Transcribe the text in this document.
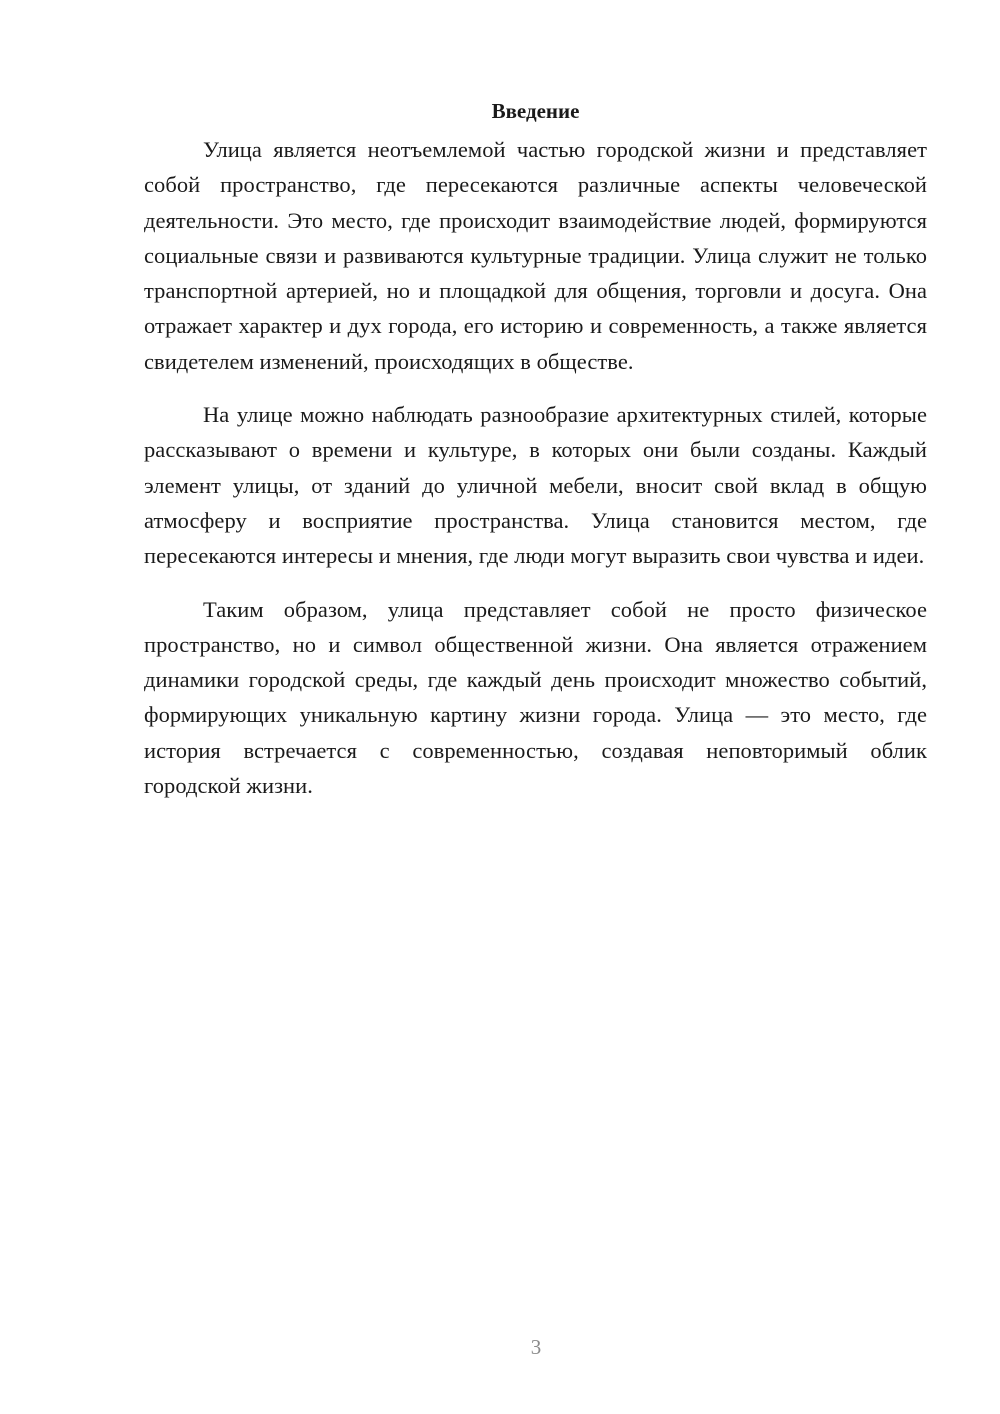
Введение

Улица является неотъемлемой частью городской жизни и представляет собой пространство, где пересекаются различные аспекты человеческой деятельности. Это место, где происходит взаимодействие людей, формируются социальные связи и развиваются культурные традиции. Улица служит не только транспортной артерией, но и площадкой для общения, торговли и досуга. Она отражает характер и дух города, его историю и современность, а также является свидетелем изменений, происходящих в обществе.

На улице можно наблюдать разнообразие архитектурных стилей, которые рассказывают о времени и культуре, в которых они были созданы. Каждый элемент улицы, от зданий до уличной мебели, вносит свой вклад в общую атмосферу и восприятие пространства. Улица становится местом, где пересекаются интересы и мнения, где люди могут выразить свои чувства и идеи.

Таким образом, улица представляет собой не просто физическое пространство, но и символ общественной жизни. Она является отражением динамики городской среды, где каждый день происходит множество событий, формирующих уникальную картину жизни города. Улица — это место, где история встречается с современностью, создавая неповторимый облик городской жизни.

3
